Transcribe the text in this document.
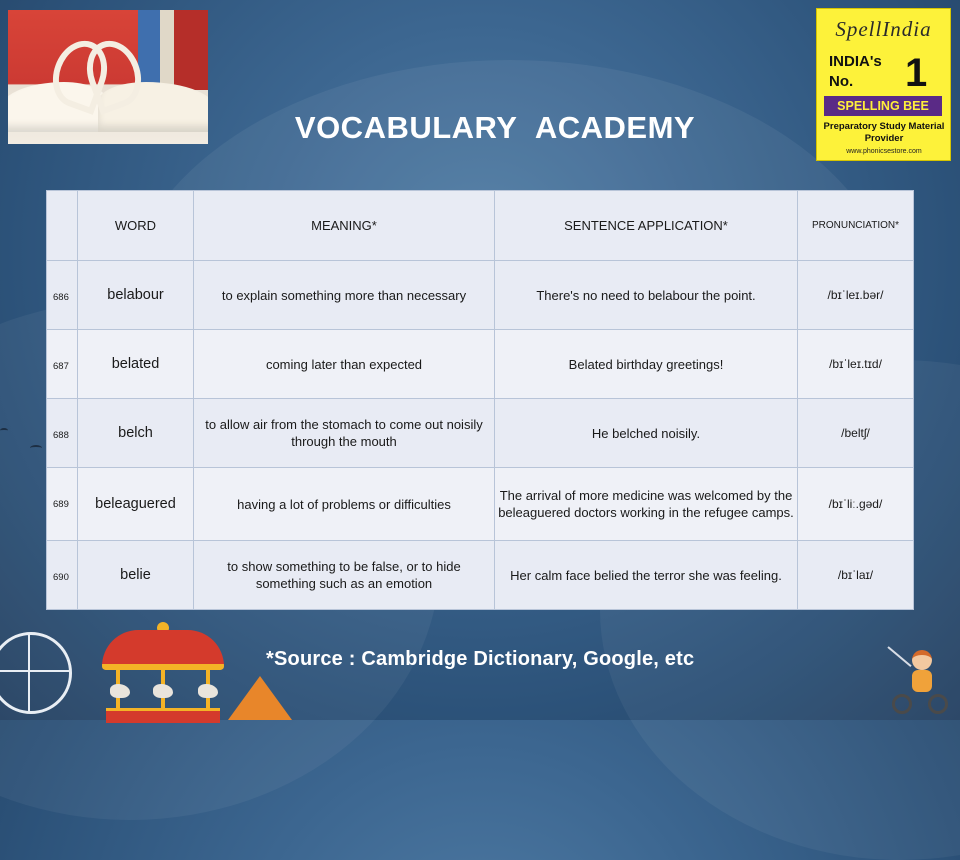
VOCABULARY ACADEMY
SpellIndia
INDIA's
No. 1
SPELLING BEE
Preparatory Study Material Provider
www.phonicsestore.com
	WORD	MEANING*	SENTENCE APPLICATION*	PRONUNCIATION*
686	belabour	to explain something more than necessary	There's no need to belabour the point.	/bɪˈleɪ.bər/
687	belated	coming later than expected	Belated birthday greetings!	/bɪˈleɪ.tɪd/
688	belch	to allow air from the stomach to come out noisily through the mouth	He belched noisily.	/beltʃ/
689	beleaguered	having a lot of problems or difficulties	The arrival of more medicine was welcomed by the beleaguered doctors working in the refugee camps.	/bɪˈliː.ɡəd/
690	belie	to show something to be false, or to hide something such as an emotion	Her calm face belied the terror she was feeling.	/bɪˈlaɪ/
*Source : Cambridge Dictionary, Google, etc
